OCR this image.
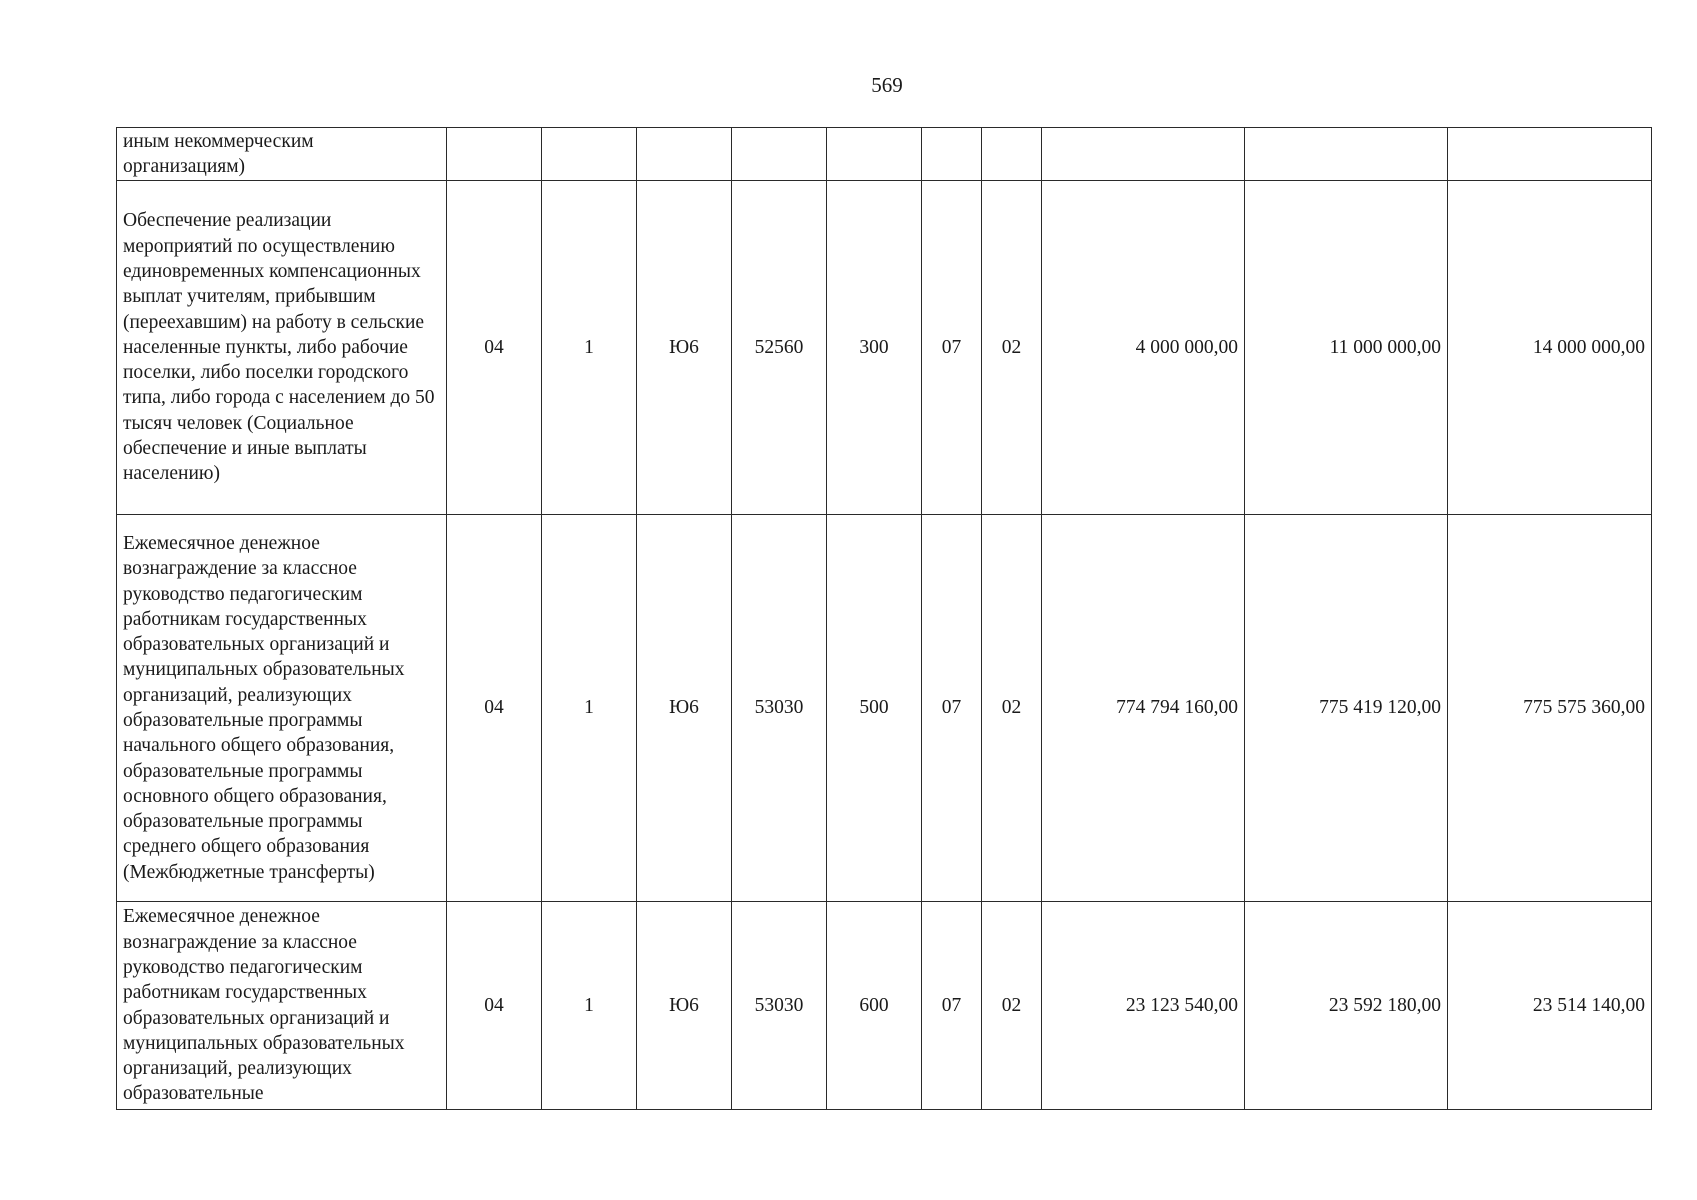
569
иным некоммерческим организациям)										
Обеспечение реализации мероприятий по осуществлению единовременных компенсационных выплат учителям, прибывшим (переехавшим) на работу в сельские населенные пункты, либо рабочие поселки, либо поселки городского типа, либо города с населением до 50 тысяч человек (Социальное обеспечение и иные выплаты населению)	04	1	Ю6	52560	300	07	02	4 000 000,00	11 000 000,00	14 000 000,00
Ежемесячное денежное вознаграждение за классное руководство педагогическим работникам государственных образовательных организаций и муниципальных образовательных организаций, реализующих образовательные программы начального общего образования, образовательные программы основного общего образования, образовательные программы среднего общего образования (Межбюджетные трансферты)	04	1	Ю6	53030	500	07	02	774 794 160,00	775 419 120,00	775 575 360,00
Ежемесячное денежное вознаграждение за классное руководство педагогическим работникам государственных образовательных организаций и муниципальных образовательных организаций, реализующих образовательные	04	1	Ю6	53030	600	07	02	23 123 540,00	23 592 180,00	23 514 140,00
